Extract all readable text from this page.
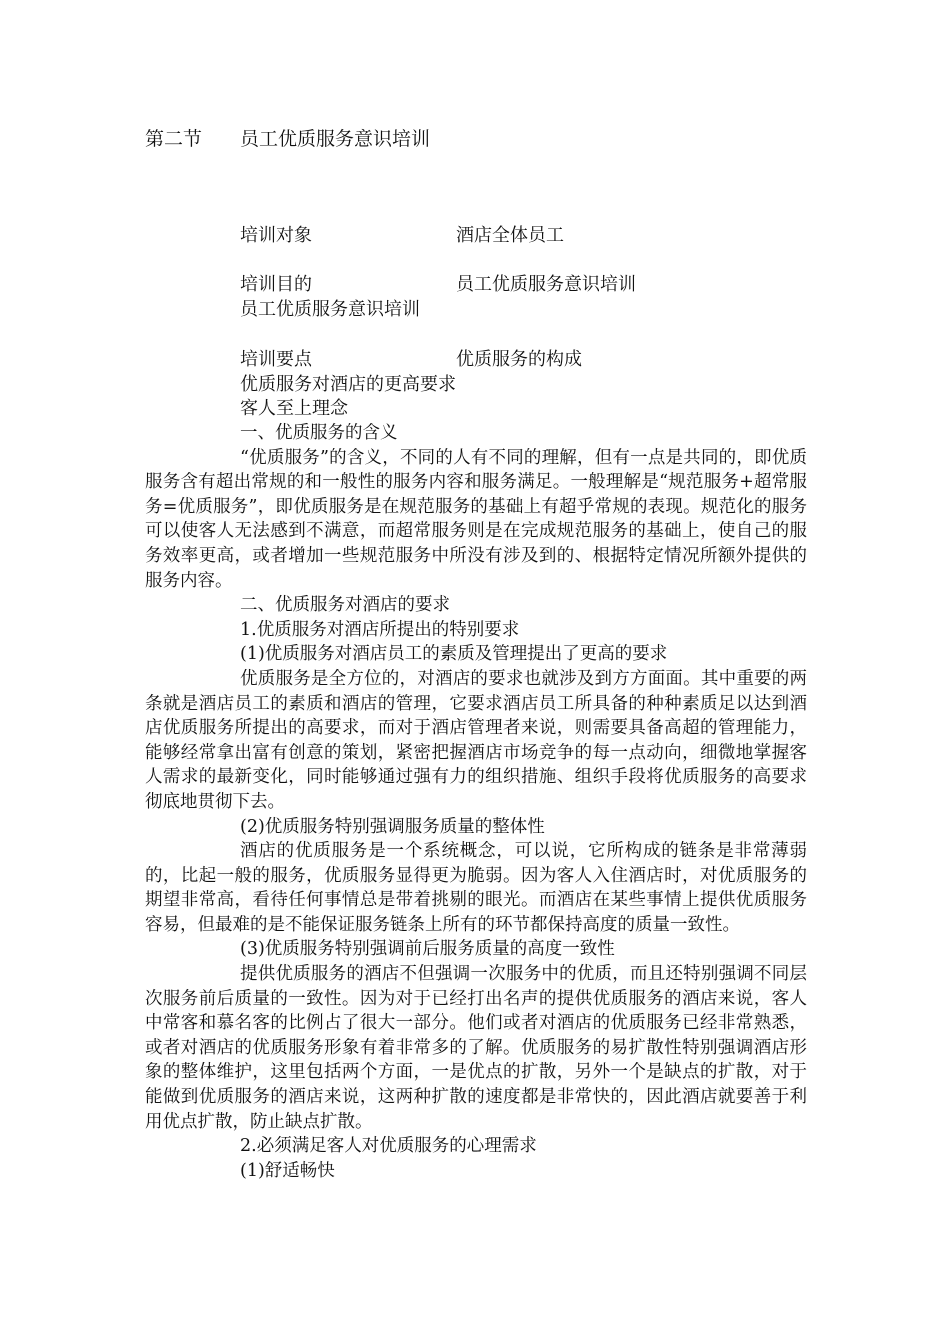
第二节　　员工优质服务意识培训
培训对象	酒店全体员工
培训目的	员工优质服务意识培训
员工优质服务意识培训
培训要点	优质服务的构成
优质服务对酒店的更高要求
客人至上理念

一、优质服务的含义

“优质服务”的含义，不同的人有不同的理解，但有一点是共同的，即优质服务含有超出常规的和一般性的服务内容和服务满足。一般理解是“规范服务+超常服务=优质服务”，即优质服务是在规范服务的基础上有超乎常规的表现。规范化的服务可以使客人无法感到不满意，而超常服务则是在完成规范服务的基础上，使自己的服务效率更高，或者增加一些规范服务中所没有涉及到的、根据特定情况所额外提供的服务内容。

二、优质服务对酒店的要求

1.优质服务对酒店所提出的特别要求

(1)优质服务对酒店员工的素质及管理提出了更高的要求

优质服务是全方位的，对酒店的要求也就涉及到方方面面。其中重要的两条就是酒店员工的素质和酒店的管理，它要求酒店员工所具备的种种素质足以达到酒店优质服务所提出的高要求，而对于酒店管理者来说，则需要具备高超的管理能力，能够经常拿出富有创意的策划，紧密把握酒店市场竞争的每一点动向，细微地掌握客人需求的最新变化，同时能够通过强有力的组织措施、组织手段将优质服务的高要求彻底地贯彻下去。

(2)优质服务特别强调服务质量的整体性

酒店的优质服务是一个系统概念，可以说，它所构成的链条是非常薄弱的，比起一般的服务，优质服务显得更为脆弱。因为客人入住酒店时，对优质服务的期望非常高，看待任何事情总是带着挑剔的眼光。而酒店在某些事情上提供优质服务容易，但最难的是不能保证服务链条上所有的环节都保持高度的质量一致性。

(3)优质服务特别强调前后服务质量的高度一致性

提供优质服务的酒店不但强调一次服务中的优质，而且还特别强调不同层次服务前后质量的一致性。因为对于已经打出名声的提供优质服务的酒店来说，客人中常客和慕名客的比例占了很大一部分。他们或者对酒店的优质服务已经非常熟悉，或者对酒店的优质服务形象有着非常多的了解。优质服务的易扩散性特别强调酒店形象的整体维护，这里包括两个方面，一是优点的扩散，另外一个是缺点的扩散，对于能做到优质服务的酒店来说，这两种扩散的速度都是非常快的，因此酒店就要善于利用优点扩散，防止缺点扩散。

2.必须满足客人对优质服务的心理需求

(1)舒适畅快
